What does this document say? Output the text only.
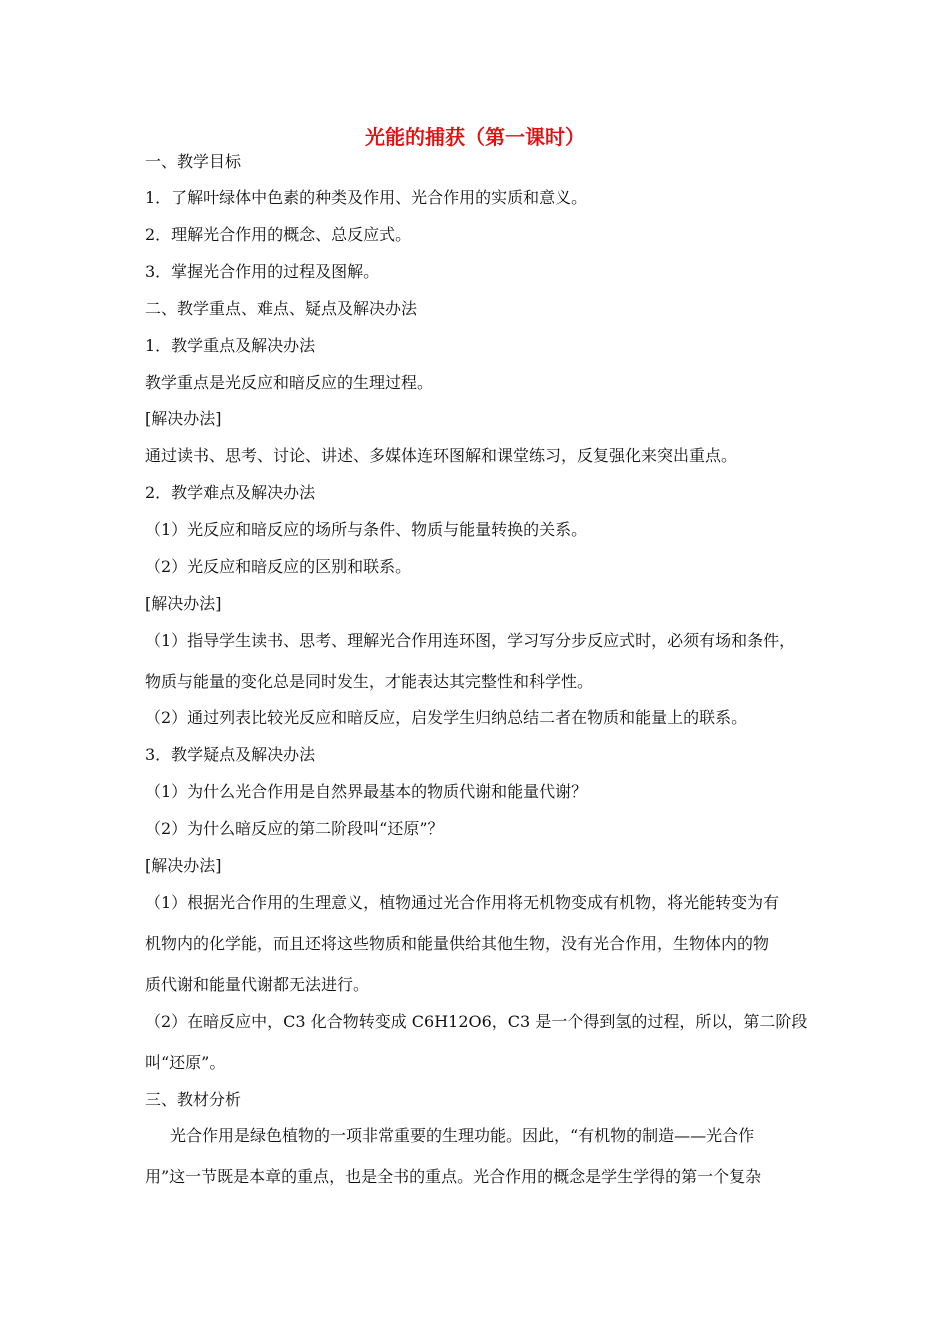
光能的捕获（第一课时）
一、教学目标
1．了解叶绿体中色素的种类及作用、光合作用的实质和意义。
2．理解光合作用的概念、总反应式。
3．掌握光合作用的过程及图解。
二、教学重点、难点、疑点及解决办法
1．教学重点及解决办法
教学重点是光反应和暗反应的生理过程。
[解决办法]
通过读书、思考、讨论、讲述、多媒体连环图解和课堂练习，反复强化来突出重点。
2．教学难点及解决办法
（1）光反应和暗反应的场所与条件、物质与能量转换的关系。
（2）光反应和暗反应的区别和联系。
[解决办法]
（1）指导学生读书、思考、理解光合作用连环图，学习写分步反应式时，必须有场和条件，
物质与能量的变化总是同时发生，才能表达其完整性和科学性。
（2）通过列表比较光反应和暗反应，启发学生归纳总结二者在物质和能量上的联系。
3．教学疑点及解决办法
（1）为什么光合作用是自然界最基本的物质代谢和能量代谢？
（2）为什么暗反应的第二阶段叫“还原”？
[解决办法]
（1）根据光合作用的生理意义，植物通过光合作用将无机物变成有机物，将光能转变为有
机物内的化学能，而且还将这些物质和能量供给其他生物，没有光合作用，生物体内的物
质代谢和能量代谢都无法进行。
（2）在暗反应中，C3 化合物转变成 C6H12O6，C3 是一个得到氢的过程，所以，第二阶段
叫“还原”。
三、教材分析
光合作用是绿色植物的一项非常重要的生理功能。因此，“有机物的制造——光合作
用”这一节既是本章的重点，也是全书的重点。光合作用的概念是学生学得的第一个复杂
